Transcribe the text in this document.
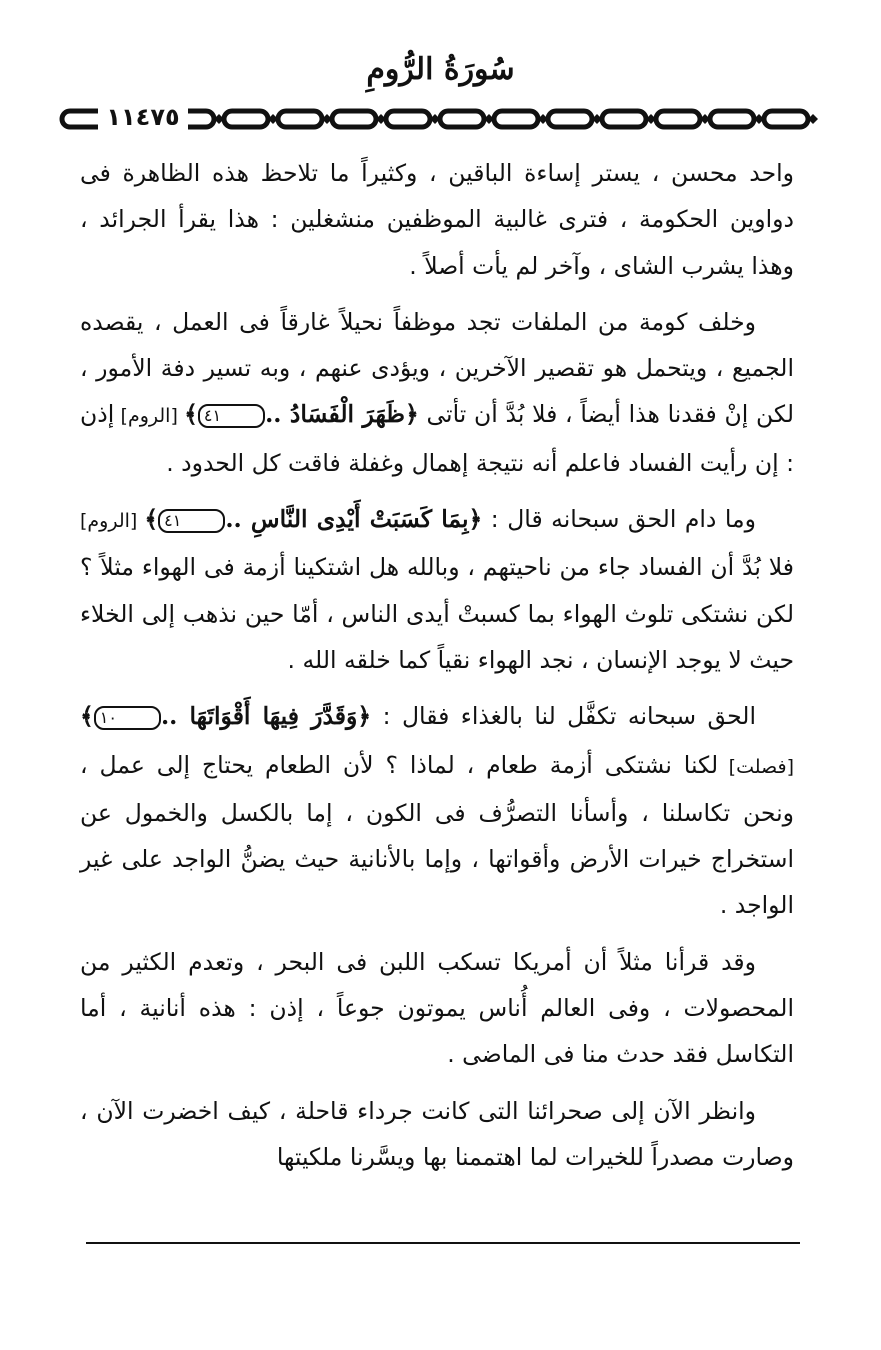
سُورَةُ الرُّومِ
١١٤٧٥

واحد محسن ، يستر إساءة الباقين ، وكثيراً ما تلاحظ هذه الظاهرة فى دواوين الحكومة ، فترى غالبية الموظفين منشغلين : هذا يقرأ الجرائد ، وهذا يشرب الشاى ، وآخر لم يأت أصلاً .

وخلف كومة من الملفات تجد موظفاً نحيلاً غارقاً فى العمل ، يقصده الجميع ، ويتحمل هو تقصير الآخرين ، ويؤدى عنهم ، وبه تسير دفة الأمور ، لكن إنْ فقدنا هذا أيضاً ، فلا بُدَّ أن تأتى ﴿ظَهَرَ الْفَسَادُ ..٤١﴾ [الروم] إذن : إن رأيت الفساد فاعلم أنه نتيجة إهمال وغفلة فاقت كل الحدود .

وما دام الحق سبحانه قال : ﴿بِمَا كَسَبَتْ أَيْدِى النَّاسِ ..٤١﴾ [الروم] فلا بُدَّ أن الفساد جاء من ناحيتهم ، وبالله هل اشتكينا أزمة فى الهواء مثلاً ؟ لكن نشتكى تلوث الهواء بما كسبتْ أيدى الناس ، أمّا حين نذهب إلى الخلاء حيث لا يوجد الإنسان ، نجد الهواء نقياً كما خلقه الله .

الحق سبحانه تكفَّل لنا بالغذاء فقال : ﴿وَقَدَّرَ فِيهَا أَقْوَاتَهَا ..١٠﴾ [فصلت] لكنا نشتكى أزمة طعام ، لماذا ؟ لأن الطعام يحتاج إلى عمل ، ونحن تكاسلنا ، وأسأنا التصرُّف فى الكون ، إما بالكسل والخمول عن استخراج خيرات الأرض وأقواتها ، وإما بالأنانية حيث يضنُّ الواجد على غير الواجد .

وقد قرأنا مثلاً أن أمريكا تسكب اللبن فى البحر ، وتعدم الكثير من المحصولات ، وفى العالم أُناس يموتون جوعاً ، إذن : هذه أنانية ، أما التكاسل فقد حدث منا فى الماضى .

وانظر الآن إلى صحرائنا التى كانت جرداء قاحلة ، كيف اخضرت الآن ، وصارت مصدراً للخيرات لما اهتممنا بها ويسَّرنا ملكيتها
